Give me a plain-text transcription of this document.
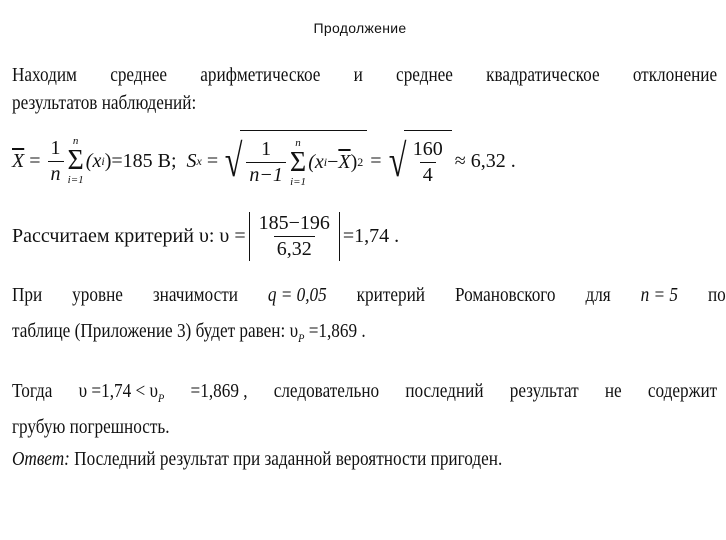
Продолжение
Находим среднее арифметическое и среднее квадратическое отклонение
результатов наблюдений:
$\overline{X} = \frac{1}{n}$ n
Σ
i=1
(x i ) =185 В;
S x
= √ $\frac{1}{n-1}$ n
Σ
i=1
(x $i - \overline{X}$ ) 2 = √ $\frac{160}{4} \approx 6,32$ .
Рассчитаем критерий υ: $\upsilon = \frac{185-196}{6,32} =1,74$ .
При уровне значимости q = 0,05 критерий Романовского для n = 5 по
таблице (Приложение 3) будет равен: $\upsilon_P =1,869$ .
Тогда $\upsilon =1,74 < \upsilon_P =1,869$ , следовательно последний результат не содержит
грубую погрешность.
Ответ: Последний результат при заданной вероятности пригоден.
